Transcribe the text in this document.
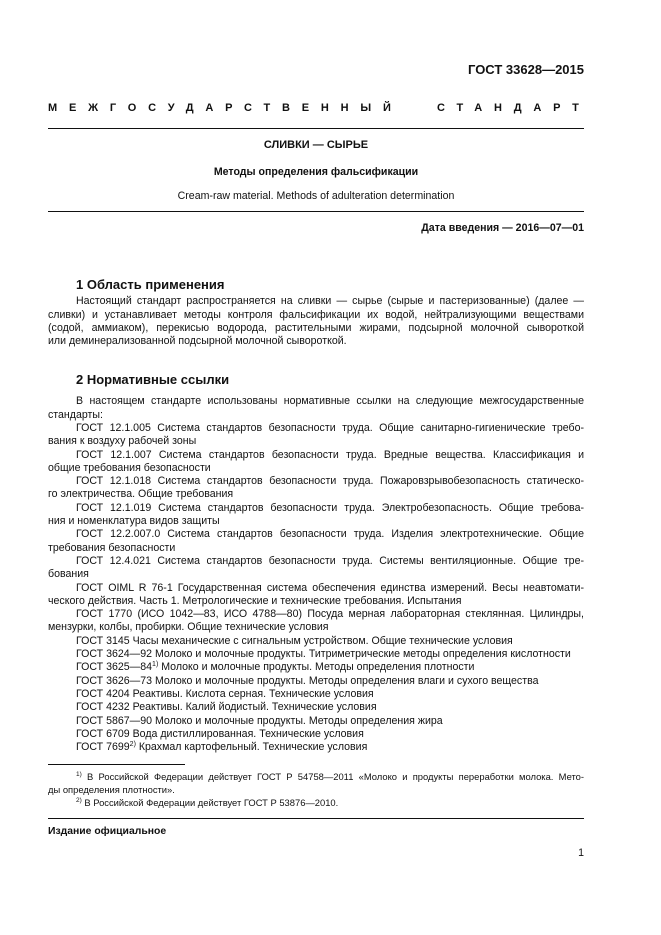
ГОСТ 33628—2015
МЕЖГОСУДАРСТВЕННЫЙ	СТАНДАРТ
СЛИВКИ — СЫРЬЕ
Методы определения фальсификации
Cream-raw material. Methods of adulteration determination
Дата введения — 2016—07—01
1 Область применения
Настоящий стандарт распространяется на сливки — сырье (сырые и пастеризованные) (далее —
сливки) и устанавливает методы контроля фальсификации их водой, нейтрализующими веществами
(содой, аммиаком), перекисью водорода, растительными жирами, подсырной молочной сывороткой
или деминерализованной подсырной молочной сывороткой.
2 Нормативные ссылки
В настоящем стандарте использованы нормативные ссылки на следующие межгосударственные
стандарты:
ГОСТ 12.1.005 Система стандартов безопасности труда. Общие санитарно-гигиенические требо-
вания к воздуху рабочей зоны
ГОСТ 12.1.007 Система стандартов безопасности труда. Вредные вещества. Классификация и
общие требования безопасности
ГОСТ 12.1.018 Система стандартов безопасности труда. Пожаровзрывобезопасность статическо-
го электричества. Общие требования
ГОСТ 12.1.019 Система стандартов безопасности труда. Электробезопасность. Общие требова-
ния и номенклатура видов защиты
ГОСТ 12.2.007.0 Система стандартов безопасности труда. Изделия электротехнические. Общие
требования безопасности
ГОСТ 12.4.021 Система стандартов безопасности труда. Системы вентиляционные. Общие тре-
бования
ГОСТ OIML R 76-1 Государственная система обеспечения единства измерений. Весы неавтомати-
ческого действия. Часть 1. Метрологические и технические требования. Испытания
ГОСТ 1770 (ИСО 1042—83, ИСО 4788—80) Посуда мерная лабораторная стеклянная. Цилиндры,
мензурки, колбы, пробирки. Общие технические условия
ГОСТ 3145 Часы механические с сигнальным устройством. Общие технические условия
ГОСТ 3624—92 Молоко и молочные продукты. Титриметрические методы определения кислотности
ГОСТ 3625—84$^{1)}$ Молоко и молочные продукты. Методы определения плотности
ГОСТ 3626—73 Молоко и молочные продукты. Методы определения влаги и сухого вещества
ГОСТ 4204 Реактивы. Кислота серная. Технические условия
ГОСТ 4232 Реактивы. Калий йодистый. Технические условия
ГОСТ 5867—90 Молоко и молочные продукты. Методы определения жира
ГОСТ 6709 Вода дистиллированная. Технические условия
ГОСТ 7699$^{2)}$ Крахмал картофельный. Технические условия
$^{1)}$ В Российской Федерации действует ГОСТ Р 54758—2011 «Молоко и продукты переработки молока. Мето-
ды определения плотности».
$^{2)}$ В Российской Федерации действует ГОСТ Р 53876—2010.
Издание официальное
1
